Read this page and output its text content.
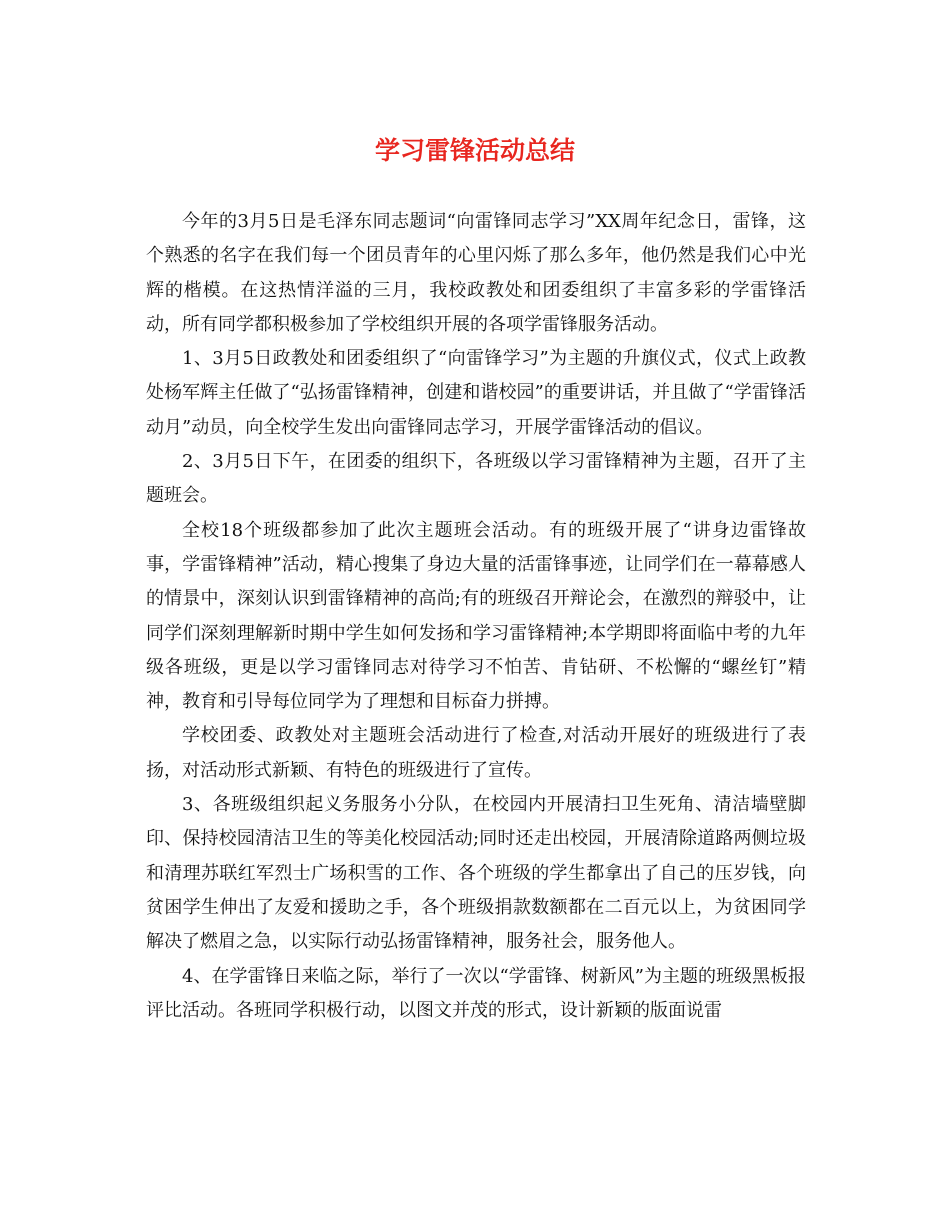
学习雷锋活动总结

今年的3月5日是毛泽东同志题词“向雷锋同志学习”XX周年纪念日，雷锋，这个熟悉的名字在我们每一个团员青年的心里闪烁了那么多年，他仍然是我们心中光辉的楷模。在这热情洋溢的三月，我校政教处和团委组织了丰富多彩的学雷锋活动，所有同学都积极参加了学校组织开展的各项学雷锋服务活动。

1、3月5日政教处和团委组织了“向雷锋学习”为主题的升旗仪式，仪式上政教处杨军辉主任做了“弘扬雷锋精神，创建和谐校园”的重要讲话，并且做了“学雷锋活动月”动员，向全校学生发出向雷锋同志学习，开展学雷锋活动的倡议。

2、3月5日下午，在团委的组织下，各班级以学习雷锋精神为主题，召开了主题班会。

全校18个班级都参加了此次主题班会活动。有的班级开展了“讲身边雷锋故事，学雷锋精神”活动，精心搜集了身边大量的活雷锋事迹，让同学们在一幕幕感人的情景中，深刻认识到雷锋精神的高尚;有的班级召开辩论会，在激烈的辩驳中，让同学们深刻理解新时期中学生如何发扬和学习雷锋精神;本学期即将面临中考的九年级各班级，更是以学习雷锋同志对待学习不怕苦、肯钻研、不松懈的“螺丝钉”精神，教育和引导每位同学为了理想和目标奋力拼搏。

学校团委、政教处对主题班会活动进行了检查,对活动开展好的班级进行了表扬，对活动形式新颖、有特色的班级进行了宣传。

3、各班级组织起义务服务小分队，在校园内开展清扫卫生死角、清洁墙壁脚印、保持校园清洁卫生的等美化校园活动;同时还走出校园，开展清除道路两侧垃圾和清理苏联红军烈士广场积雪的工作、各个班级的学生都拿出了自己的压岁钱，向贫困学生伸出了友爱和援助之手，各个班级捐款数额都在二百元以上，为贫困同学解决了燃眉之急，以实际行动弘扬雷锋精神，服务社会，服务他人。

4、在学雷锋日来临之际，举行了一次以“学雷锋、树新风”为主题的班级黑板报评比活动。各班同学积极行动，以图文并茂的形式，设计新颖的版面说雷
